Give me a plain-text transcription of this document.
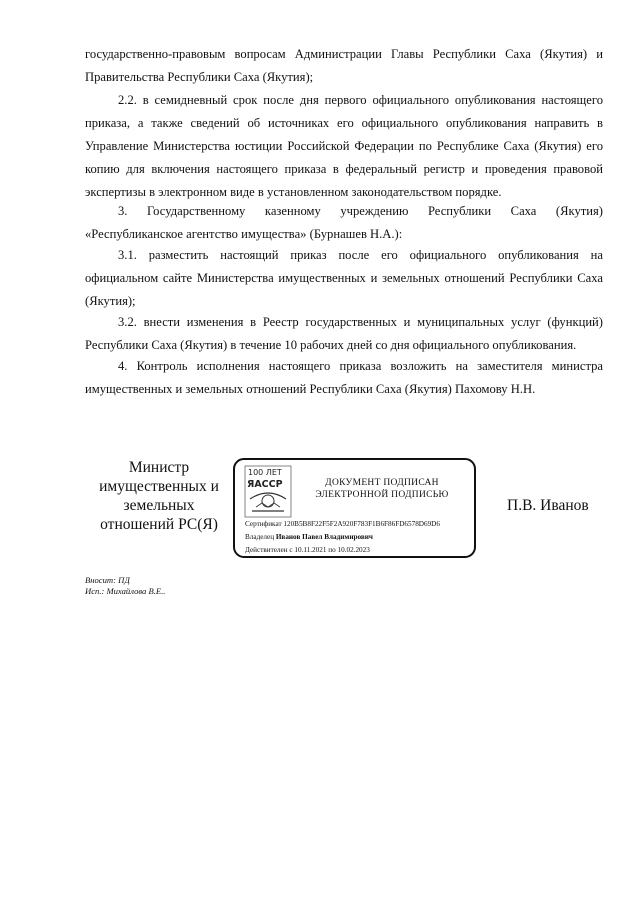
государственно-правовым вопросам Администрации Главы Республики Саха (Якутия) и Правительства Республики Саха (Якутия);
2.2. в семидневный срок после дня первого официального опубликования настоящего приказа, а также сведений об источниках его официального опубликования направить в Управление Министерства юстиции Российской Федерации по Республике Саха (Якутия) его копию для включения настоящего приказа в федеральный регистр и проведения правовой экспертизы в электронном виде в установленном законодательством порядке.
3. Государственному казенному учреждению Республики Саха (Якутия) «Республиканское агентство имущества» (Бурнашев Н.А.):
3.1. разместить настоящий приказ после его официального опубликования на официальном сайте Министерства имущественных и земельных отношений Республики Саха (Якутия);
3.2. внести изменения в Реестр государственных и муниципальных услуг (функций) Республики Саха (Якутия) в течение 10 рабочих дней со дня официального опубликования.
4. Контроль исполнения настоящего приказа возложить на заместителя министра имущественных и земельных отношений Республики Саха (Якутия) Пахомову Н.Н.
Министр имущественных и земельных отношений РС(Я)
100 ЛЕТ
ЯАССР	ДОКУМЕНТ ПОДПИСАН ЭЛЕКТРОННОЙ ПОДПИСЬЮ
Сертификат 120B5B8F22F5F2A920F783F1B6F86FD6578D69D6
Владелец Иванов Павел Владимирович
Действителен с 10.11.2021 по 10.02.2023
П.В. Иванов
Вносит: ПД
Исп.: Михайлова В.Е..
